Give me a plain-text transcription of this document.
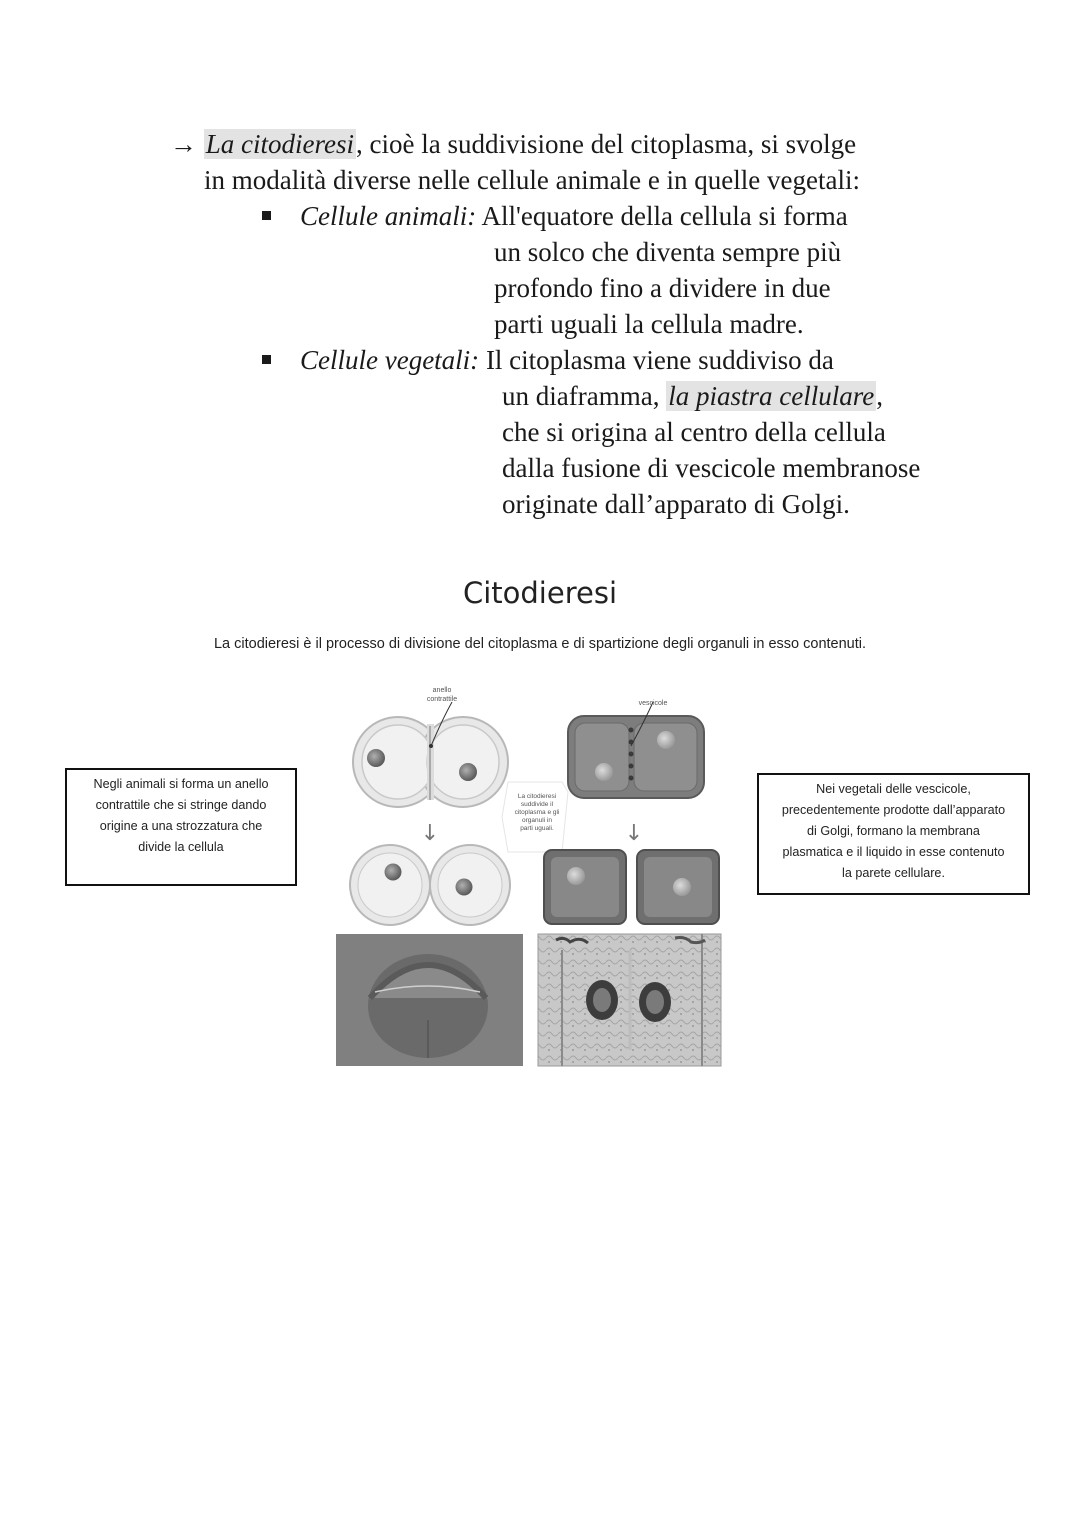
→ La citodieresi, cioè la suddivisione del citoplasma, si svolge
in modalità diverse nelle cellule animale e in quelle vegetali:
Cellule animali: All'equatore della cellula si forma
un solco che diventa sempre più
profondo fino a dividere in due
parti uguali la cellula madre.
Cellule vegetali: Il citoplasma viene suddiviso da
un diaframma, la piastra cellulare,
che si origina al centro della cellula
dalla fusione di vescicole membranose
originate dall’apparato di Golgi.
Citodieresi
La citodieresi è il processo di divisione del citoplasma e di spartizione degli organuli in esso contenuti.
Negli animali si forma un anello
contrattile che si stringe dando
origine a una strozzatura che
divide la cellula
Nei vegetali delle vescicole,
precedentemente prodotte dall’apparato
di Golgi, formano la membrana
plasmatica e il liquido in esse contenuto
la parete cellulare.
anello
contrattile
vescicole
La citodieresi
suddivide il
citoplasma e gli
organuli in
parti uguali.
↓	↓
